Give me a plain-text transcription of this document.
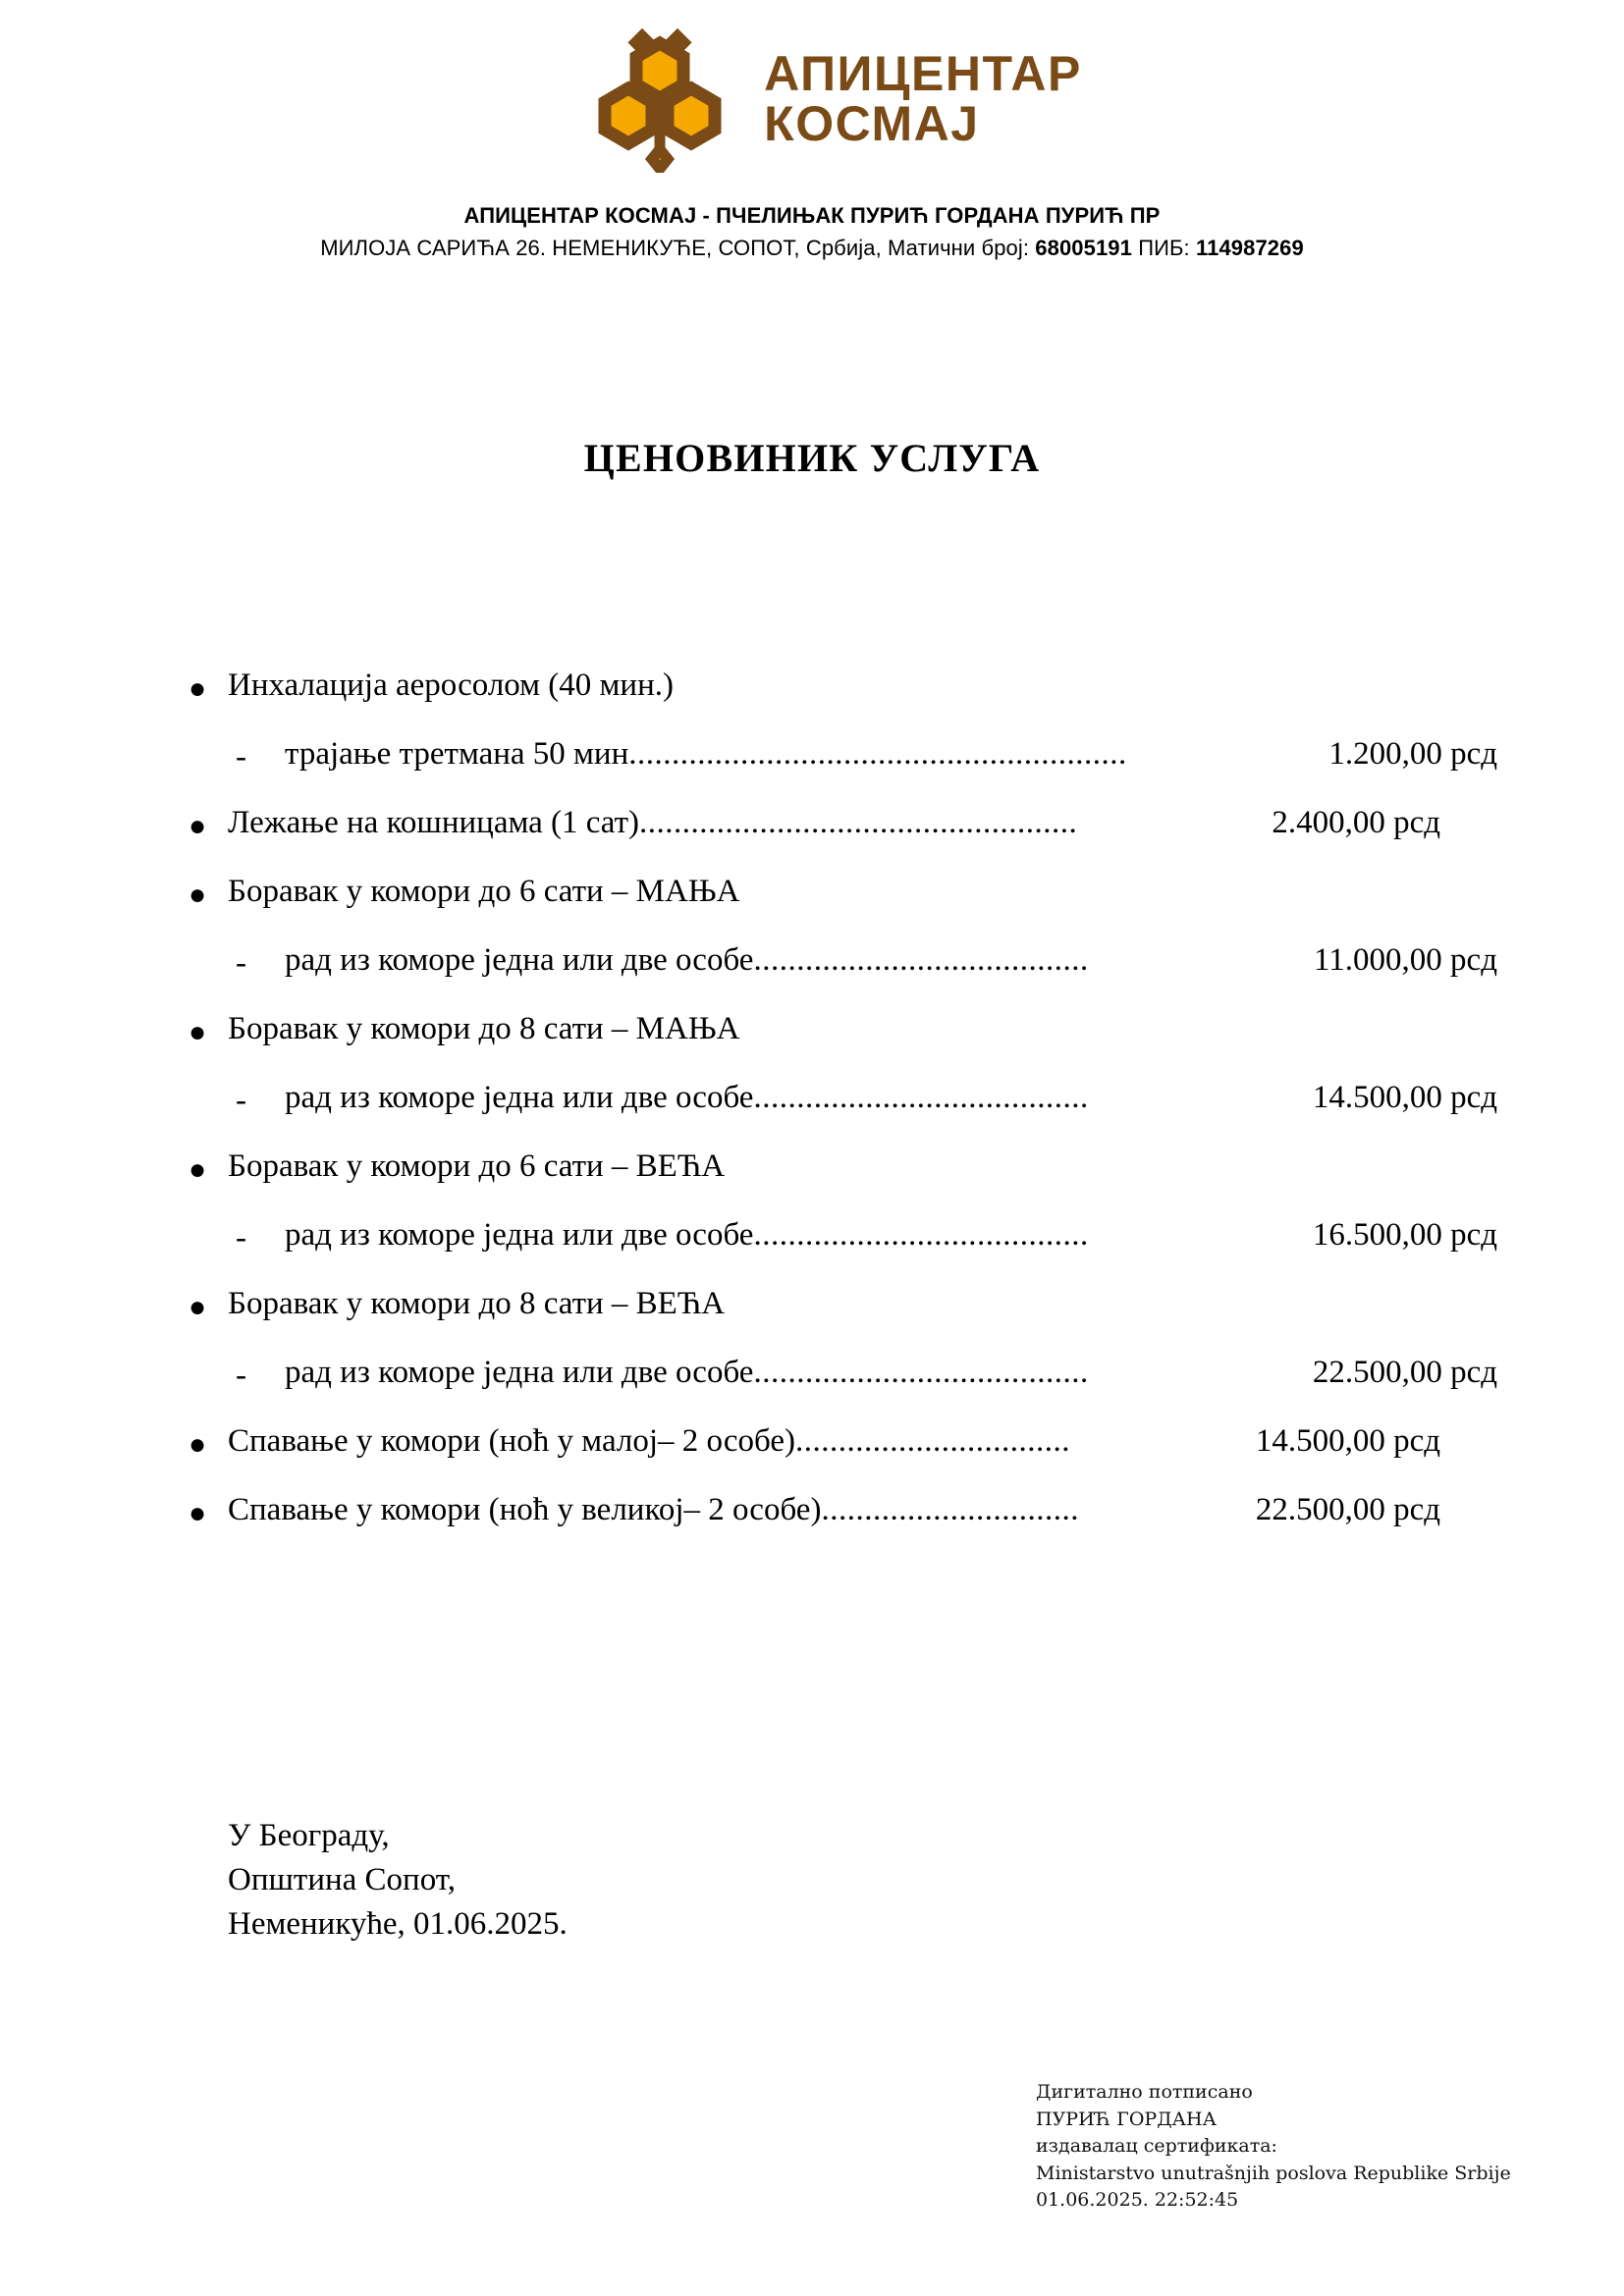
АПИЦЕНТАР
КОСМАЈ
АПИЦЕНТАР КОСМАЈ - ПЧЕЛИЊАК ПУРИЋ ГОРДАНА ПУРИЋ ПР
МИЛОЈА САРИЋА 26. НЕМЕНИКУЋЕ, СОПОТ, Србија, Матични број: 68005191 ПИБ: 114987269
ЦЕНОВИНИК УСЛУГА
● Инхалација аеросолом (40 мин.)
- трајање третмана 50 мин ..........................................................	1.200,00 рсд
● Лежање на кошницама (1 сат) ...................................................	2.400,00 рсд
● Боравак у комори до 6 сати – МАЊА
- рад из коморе једна или две особе .......................................	11.000,00 рсд
● Боравак у комори до 8 сати – МАЊА
- рад из коморе једна или две особе .......................................	14.500,00 рсд
● Боравак у комори до 6 сати – ВЕЋА
- рад из коморе једна или две особе .......................................	16.500,00 рсд
● Боравак у комори до 8 сати – ВЕЋА
- рад из коморе једна или две особе .......................................	22.500,00 рсд
● Спавање у комори (ноћ у малој– 2 особе) ................................	14.500,00 рсд
● Спавање у комори (ноћ у великој– 2 особе) ..............................	22.500,00 рсд
У Београду,
Општина Сопот,
Неменикуће, 01.06.2025.
Дигитално потписано
ПУРИЋ ГОРДАНА
издавалац сертификата:
Ministarstvo unutrašnjih poslova Republike Srbije
01.06.2025. 22:52:45
